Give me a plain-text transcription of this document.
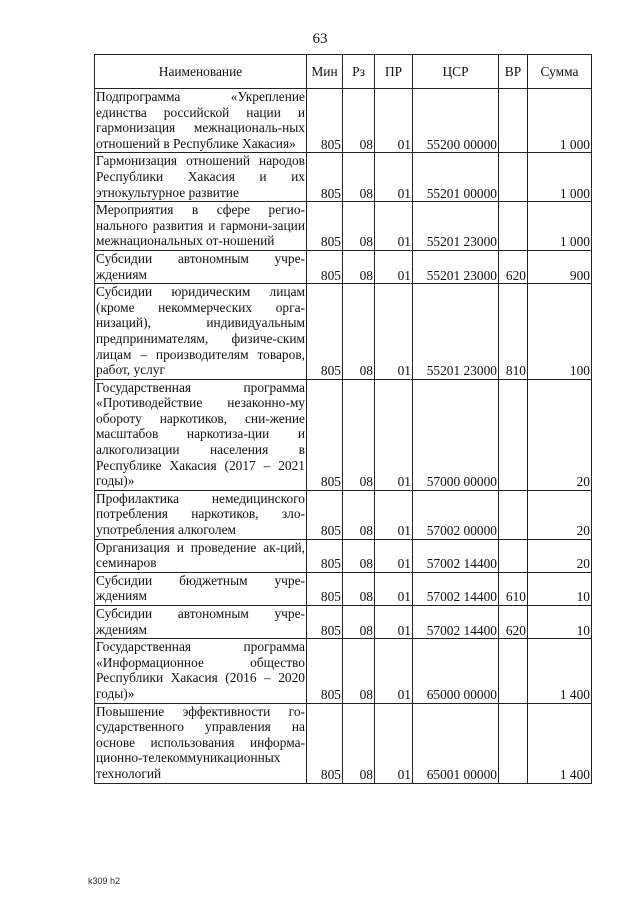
63
Наименование	Мин	Рз	ПР	ЦСР	ВР	Сумма
Подпрограмма «Укрепление единства российской нации и гармонизация межнациональ-ных отношений в Республике Хакасия»	805	08	01	55200 00000		1 000
Гармонизация отношений народов Республики Хакасия и их этнокультурное развитие	805	08	01	55201 00000		1 000
Мероприятия в сфере регио-нального развития и гармони-зации межнациональных от-ношений	805	08	01	55201 23000		1 000
Субсидии автономным учре-ждениям	805	08	01	55201 23000	620	900
Субсидии юридическим лицам (кроме некоммерческих орга-низаций), индивидуальным предпринимателям, физиче-ским лицам – производителям товаров, работ, услуг	805	08	01	55201 23000	810	100
Государственная программа «Противодействие незаконно-му обороту наркотиков, сни-жение масштабов наркотиза-ции и алкоголизации населения в Республике Хакасия (2017 – 2021 годы)»	805	08	01	57000 00000		20
Профилактика немедицинского потребления наркотиков, зло-употребления алкоголем	805	08	01	57002 00000		20
Организация и проведение ак-ций, семинаров	805	08	01	57002 14400		20
Субсидии бюджетным учре-ждениям	805	08	01	57002 14400	610	10
Субсидии автономным учре-ждениям	805	08	01	57002 14400	620	10
Государственная программа «Информационное общество Республики Хакасия (2016 – 2020 годы)»	805	08	01	65000 00000		1 400
Повышение эффективности го-сударственного управления на основе использования информа-ционно-телекоммуникационных технологий	805	08	01	65001 00000		1 400
k309 h2
